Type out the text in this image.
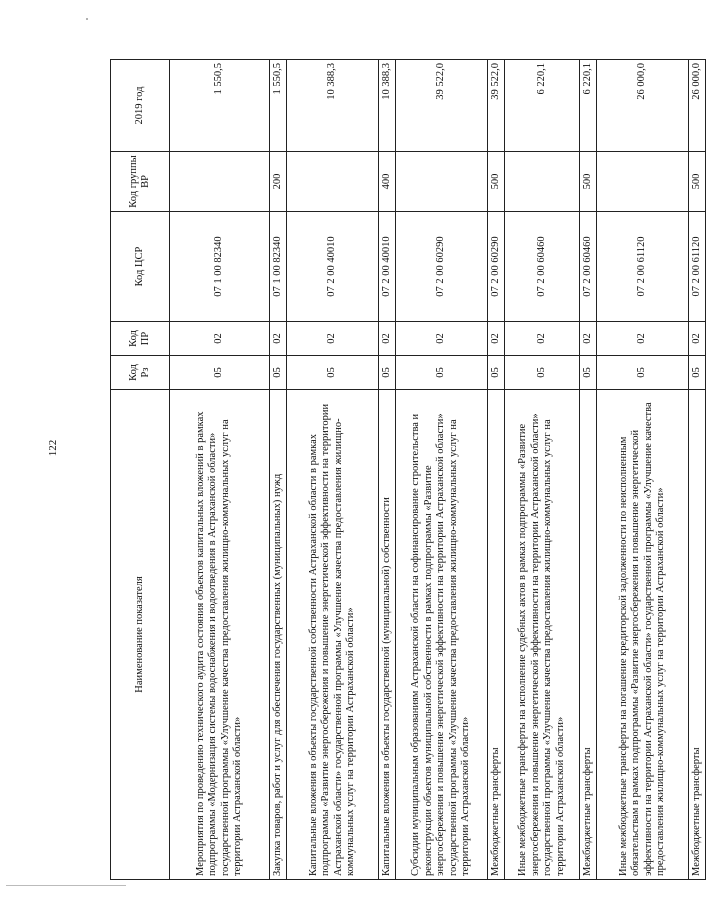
122
Наименование показателя	Код Рз	Код ПР	Код ЦСР	Код группы ВР	2019 год
Мероприятия по проведению технического аудита состояния объектов капитальных вложений в рамках подпрограммы «Модернизация системы водоснабжения и водоотведения в Астраханской области» государственной программы «Улучшение качества предоставления жилищно-коммунальных услуг на территории Астраханской области»	05	02	07 1 00 82340		1 550,5
Закупка товаров, работ и услуг для обеспечения государственных (муниципальных) нужд	05	02	07 1 00 82340	200	1 550,5
Капитальные вложения в объекты государственной собственности Астраханской области в рамках подпрограммы «Развитие энергосбережения и повышение энергетической эффективности на территории Астраханской области» государственной программы «Улучшение качества предоставления жилищно-коммунальных услуг на территории Астраханской области»	05	02	07 2 00 40010		10 388,3
Капитальные вложения в объекты государственной (муниципальной) собственности	05	02	07 2 00 40010	400	10 388,3
Субсидии муниципальным образованиям Астраханской области на софинансирование строительства и реконструкции объектов муниципальной собственности в рамках подпрограммы «Развитие энергосбережения и повышение энергетической эффективности на территории Астраханской области» государственной программы «Улучшение качества предоставления жилищно-коммунальных услуг на территории Астраханской области»	05	02	07 2 00 60290		39 522,0
Межбюджетные трансферты	05	02	07 2 00 60290	500	39 522,0
Иные межбюджетные трансферты на исполнение судебных актов в рамках подпрограммы «Развитие энергосбережения и повышение энергетической эффективности на территории Астраханской области» государственной программы «Улучшение качества предоставления жилищно-коммунальных услуг на территории Астраханской области»	05	02	07 2 00 60460		6 220,1
Межбюджетные трансферты	05	02	07 2 00 60460	500	6 220,1
Иные межбюджетные трансферты на погашение кредиторской задолженности по неисполненным обязательствам в рамках подпрограммы «Развитие энергосбережения и повышение энергетической эффективности на территории Астраханской области» государственной программы «Улучшение качества предоставления жилищно-коммунальных услуг на территории Астраханской области»	05	02	07 2 00 61120		26 000,0
Межбюджетные трансферты	05	02	07 2 00 61120	500	26 000,0
